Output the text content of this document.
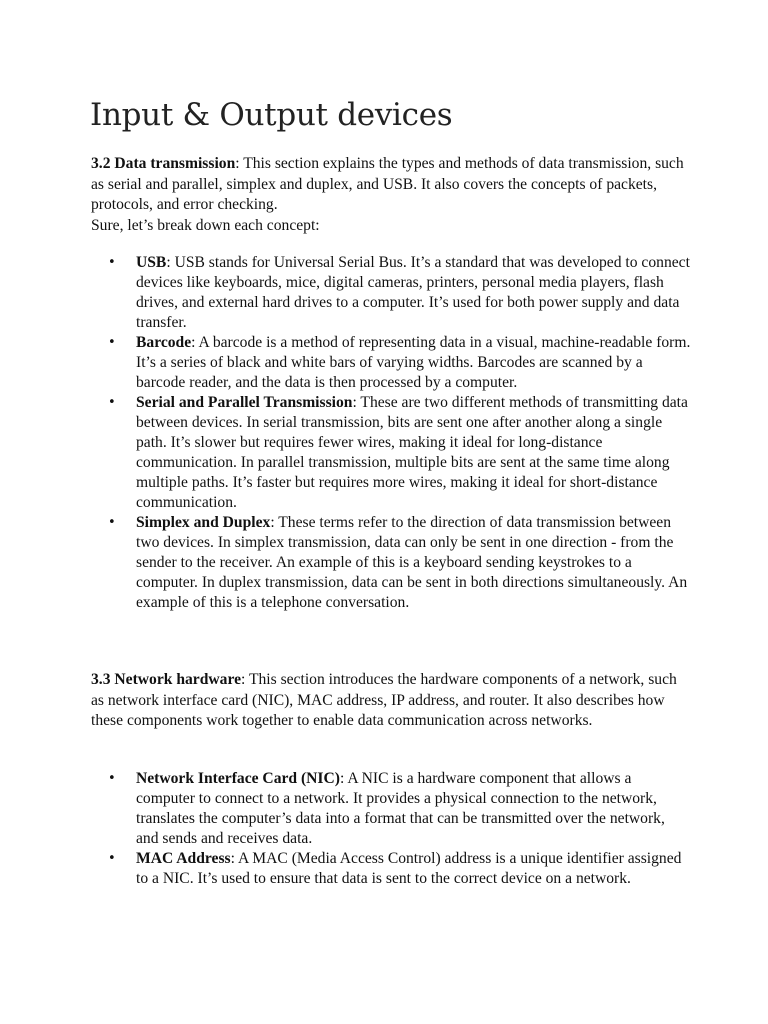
Input & Output devices

3.2 Data transmission: This section explains the types and methods of data transmission, such as serial and parallel, simplex and duplex, and USB. It also covers the concepts of packets, protocols, and error checking.

Sure, let’s break down each concept:

• USB: USB stands for Universal Serial Bus. It’s a standard that was developed to connect devices like keyboards, mice, digital cameras, printers, personal media players, flash drives, and external hard drives to a computer. It’s used for both power supply and data transfer.
• Barcode: A barcode is a method of representing data in a visual, machine-readable form. It’s a series of black and white bars of varying widths. Barcodes are scanned by a barcode reader, and the data is then processed by a computer.
• Serial and Parallel Transmission: These are two different methods of transmitting data between devices. In serial transmission, bits are sent one after another along a single path. It’s slower but requires fewer wires, making it ideal for long-distance communication. In parallel transmission, multiple bits are sent at the same time along multiple paths. It’s faster but requires more wires, making it ideal for short-distance communication.
• Simplex and Duplex: These terms refer to the direction of data transmission between two devices. In simplex transmission, data can only be sent in one direction - from the sender to the receiver. An example of this is a keyboard sending keystrokes to a computer. In duplex transmission, data can be sent in both directions simultaneously. An example of this is a telephone conversation.

3.3 Network hardware: This section introduces the hardware components of a network, such as network interface card (NIC), MAC address, IP address, and router. It also describes how these components work together to enable data communication across networks.

• Network Interface Card (NIC): A NIC is a hardware component that allows a computer to connect to a network. It provides a physical connection to the network, translates the computer’s data into a format that can be transmitted over the network, and sends and receives data.
• MAC Address: A MAC (Media Access Control) address is a unique identifier assigned to a NIC. It’s used to ensure that data is sent to the correct device on a network.
